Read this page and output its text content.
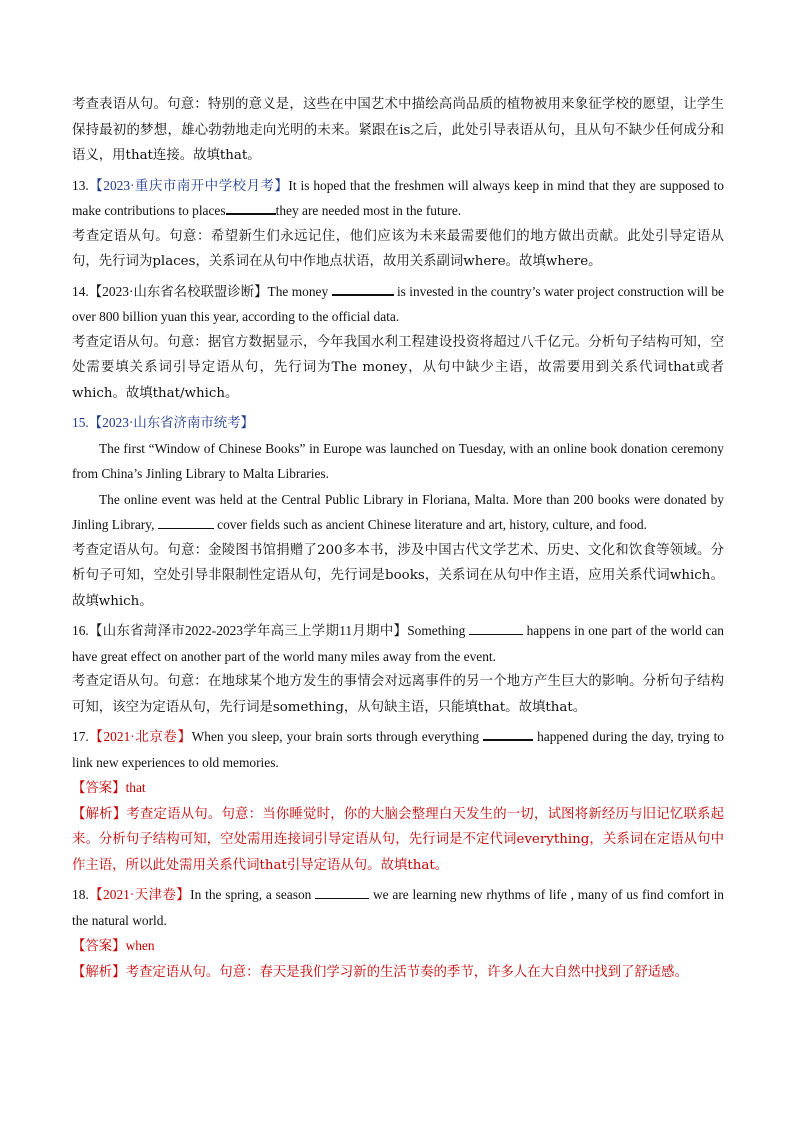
考查表语从句。句意：特别的意义是，这些在中国艺术中描绘高尚品质的植物被用来象征学校的愿望，让学生保持最初的梦想，雄心勃勃地走向光明的未来。紧跟在is之后，此处引导表语从句，且从句不缺少任何成分和语义，用that连接。故填that。

13.【2023·重庆市南开中学校月考】It is hoped that the freshmen will always keep in mind that they are supposed to make contributions to places	they are needed most in the future.

考查定语从句。句意：希望新生们永远记住，他们应该为未来最需要他们的地方做出贡献。此处引导定语从句，先行词为places，关系词在从句中作地点状语，故用关系副词where。故填where。

14.【2023·山东省名校联盟诊断】The money	is invested in the country’s water project construction will be over 800 billion yuan this year, according to the official data.

考查定语从句。句意：据官方数据显示，今年我国水利工程建设投资将超过八千亿元。分析句子结构可知，空处需要填关系词引导定语从句，先行词为The money，从句中缺少主语，故需要用到关系代词that或者which。故填that/which。

15.【2023·山东省济南市统考】

The first “Window of Chinese Books” in Europe was launched on Tuesday, with an online book donation ceremony from China’s Jinling Library to Malta Libraries.

The online event was held at the Central Public Library in Floriana, Malta. More than 200 books were donated by Jinling Library,	cover fields such as ancient Chinese literature and art, history, culture, and food.

考查定语从句。句意：金陵图书馆捐赠了200多本书，涉及中国古代文学艺术、历史、文化和饮食等领域。分析句子可知，空处引导非限制性定语从句，先行词是books，关系词在从句中作主语，应用关系代词which。故填which。

16.【山东省菏泽市2022-2023学年高三上学期11月期中】Something	happens in one part of the world can have great effect on another part of the world many miles away from the event.

考查定语从句。句意：在地球某个地方发生的事情会对远离事件的另一个地方产生巨大的影响。分析句子结构可知，该空为定语从句，先行词是something，从句缺主语，只能填that。故填that。

17.【2021·北京卷】When you sleep, your brain sorts through everything	happened during the day, trying to link new experiences to old memories.

【答案】that

【解析】考查定语从句。句意：当你睡觉时，你的大脑会整理白天发生的一切，试图将新经历与旧记忆联系起来。分析句子结构可知，空处需用连接词引导定语从句，先行词是不定代词everything，关系词在定语从句中作主语，所以此处需用关系代词that引导定语从句。故填that。

18.【2021·天津卷】In the spring, a season	we are learning new rhythms of life , many of us find comfort in the natural world.

【答案】when

【解析】考查定语从句。句意：春天是我们学习新的生活节奏的季节，许多人在大自然中找到了舒适感。
